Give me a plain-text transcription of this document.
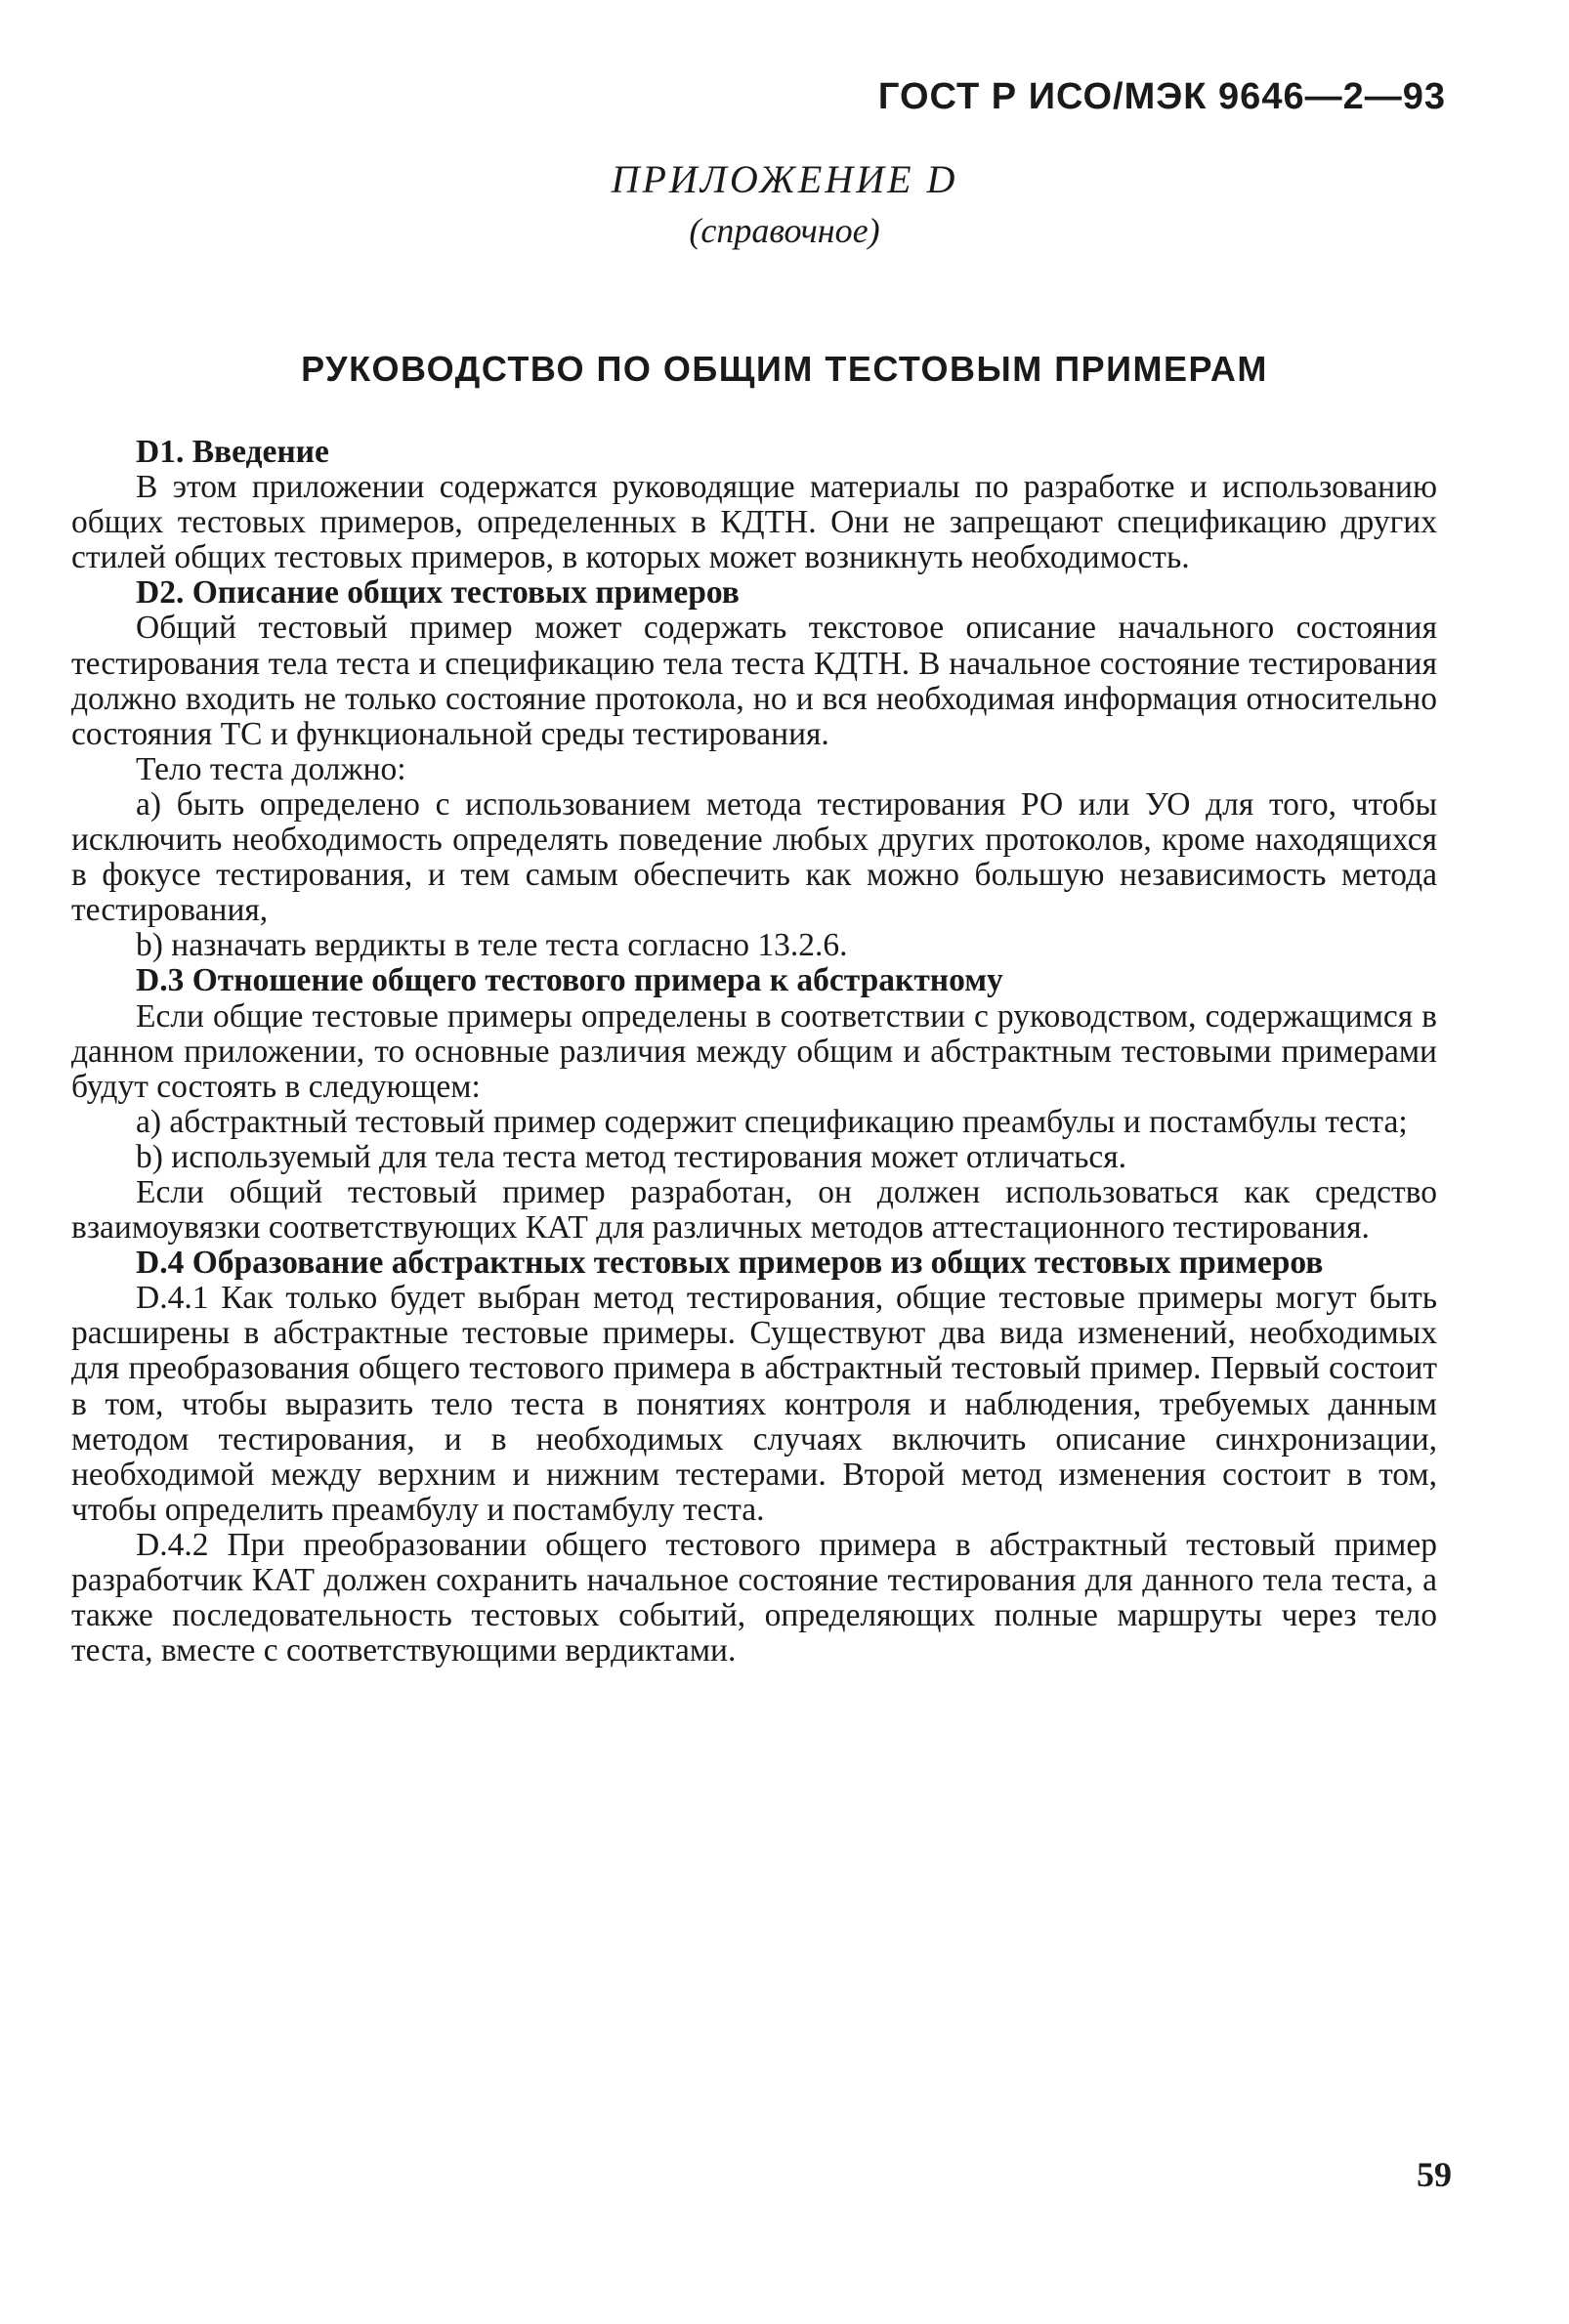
ГОСТ Р ИСО/МЭК 9646—2—93
ПРИЛОЖЕНИЕ D
(справочное)
РУКОВОДСТВО ПО ОБЩИМ ТЕСТОВЫМ ПРИМЕРАМ

D1. Введение

В этом приложении содержатся руководящие материалы по разработке и использованию общих тестовых примеров, определенных в КДТН. Они не запрещают спецификацию других стилей общих тестовых примеров, в которых может возникнуть необходимость.

D2. Описание общих тестовых примеров

Общий тестовый пример может содержать текстовое описание начального состояния тестирования тела теста и спецификацию тела теста КДТН. В начальное состояние тестирования должно входить не только состояние протокола, но и вся необходимая информация относительно состояния ТС и функциональной среды тестирования.

Тело теста должно:

а) быть определено с использованием метода тестирования РО или УО для того, чтобы исключить необходимость определять поведение любых других протоколов, кроме находящихся в фокусе тестирования, и тем самым обеспечить как можно большую независимость метода тестирования,

b) назначать вердикты в теле теста согласно 13.2.6.

D.3 Отношение общего тестового примера к абстрактному

Если общие тестовые примеры определены в соответствии с руководством, содержащимся в данном приложении, то основные различия между общим и абстрактным тестовыми примерами будут состоять в следующем:

а) абстрактный тестовый пример содержит спецификацию преамбулы и постамбулы теста;

b) используемый для тела теста метод тестирования может отличаться.

Если общий тестовый пример разработан, он должен использоваться как средство взаимоувязки соответствующих КАТ для различных методов аттестационного тестирования.

D.4 Образование абстрактных тестовых примеров из общих тестовых примеров

D.4.1 Как только будет выбран метод тестирования, общие тестовые примеры могут быть расширены в абстрактные тестовые примеры. Существуют два вида изменений, необходимых для преобразования общего тестового примера в абстрактный тестовый пример. Первый состоит в том, чтобы выразить тело теста в понятиях контроля и наблюдения, требуемых данным методом тестирования, и в необходимых случаях включить описание синхронизации, необходимой между верхним и нижним тестерами. Второй метод изменения состоит в том, чтобы определить преамбулу и постамбулу теста.

D.4.2 При преобразовании общего тестового примера в абстрактный тестовый пример разработчик КАТ должен сохранить начальное состояние тестирования для данного тела теста, а также последовательность тестовых событий, определяющих полные маршруты через тело теста, вместе с соответствующими вердиктами.

59
